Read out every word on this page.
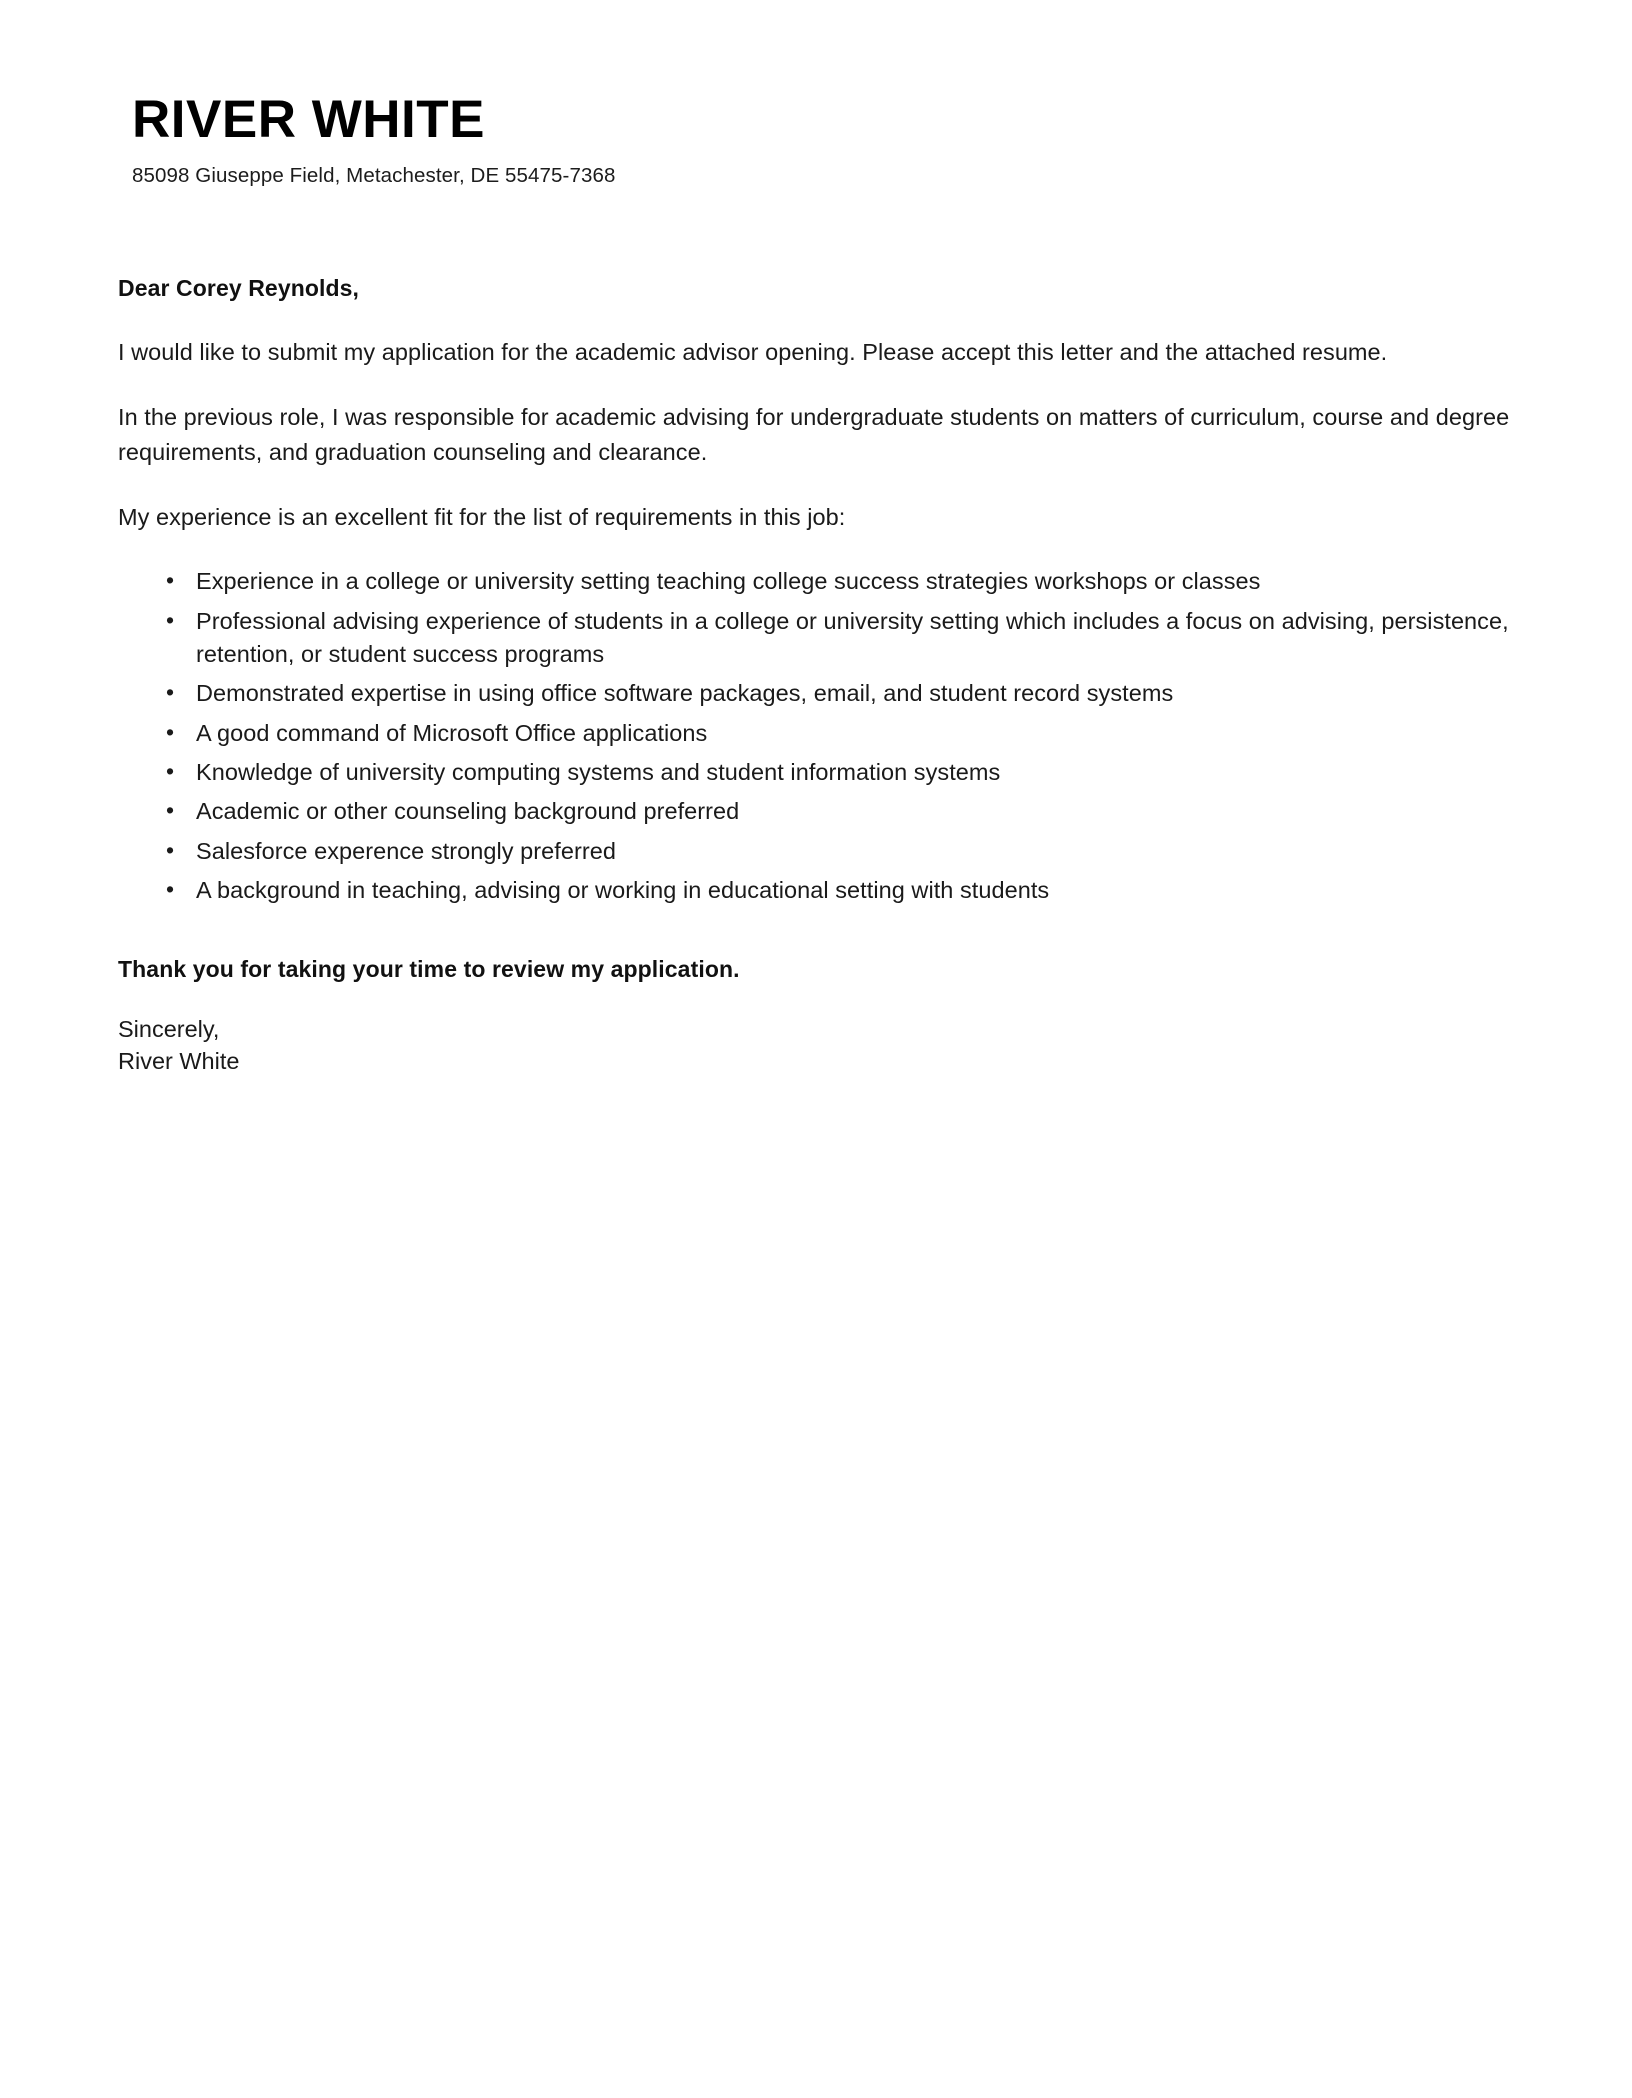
RIVER WHITE

85098 Giuseppe Field, Metachester, DE 55475-7368

Dear Corey Reynolds,

I would like to submit my application for the academic advisor opening. Please accept this letter and the attached resume.

In the previous role, I was responsible for academic advising for undergraduate students on matters of curriculum, course and degree requirements, and graduation counseling and clearance.

My experience is an excellent fit for the list of requirements in this job:

• Experience in a college or university setting teaching college success strategies workshops or classes
• Professional advising experience of students in a college or university setting which includes a focus on advising, persistence, retention, or student success programs
• Demonstrated expertise in using office software packages, email, and student record systems
• A good command of Microsoft Office applications
• Knowledge of university computing systems and student information systems
• Academic or other counseling background preferred
• Salesforce experence strongly preferred
• A background in teaching, advising or working in educational setting with students

Thank you for taking your time to review my application.

Sincerely,
River White
